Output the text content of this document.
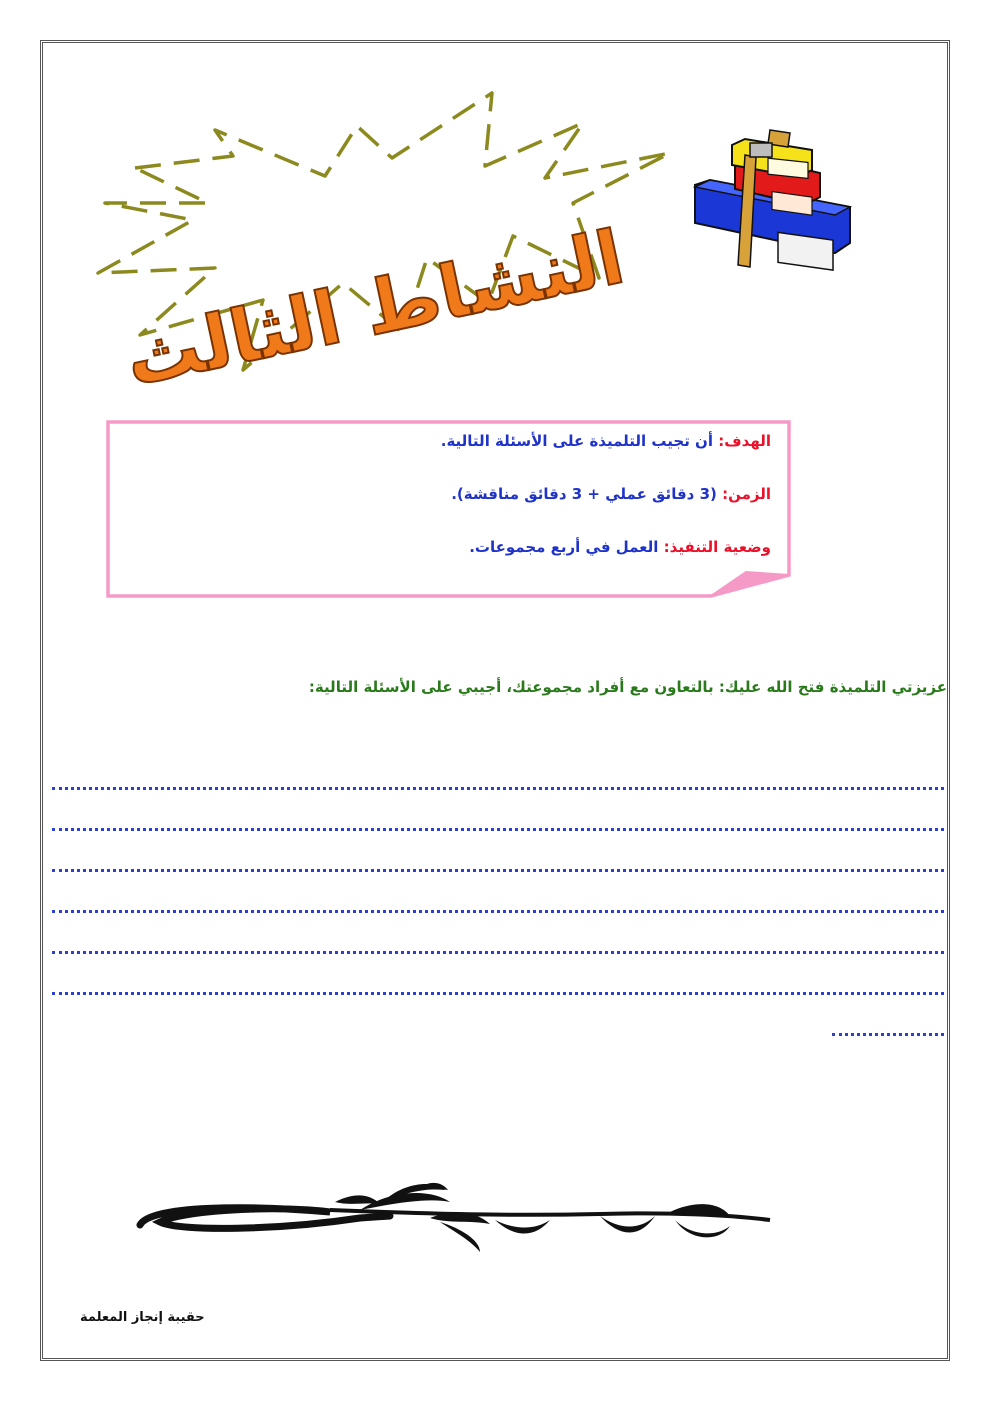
النشاط الثالث
الهدف: أن تجيب التلميذة على الأسئلة التالية.
الزمن: (3 دقائق عملي + 3 دقائق مناقشة).
وضعية التنفيذ: العمل في أربع مجموعات.
عزيزتي التلميذة فتح الله عليك: بالتعاون مع أفراد مجموعتك، أجيبي على الأسئلة التالية:
حقيبة إنجاز المعلمة
